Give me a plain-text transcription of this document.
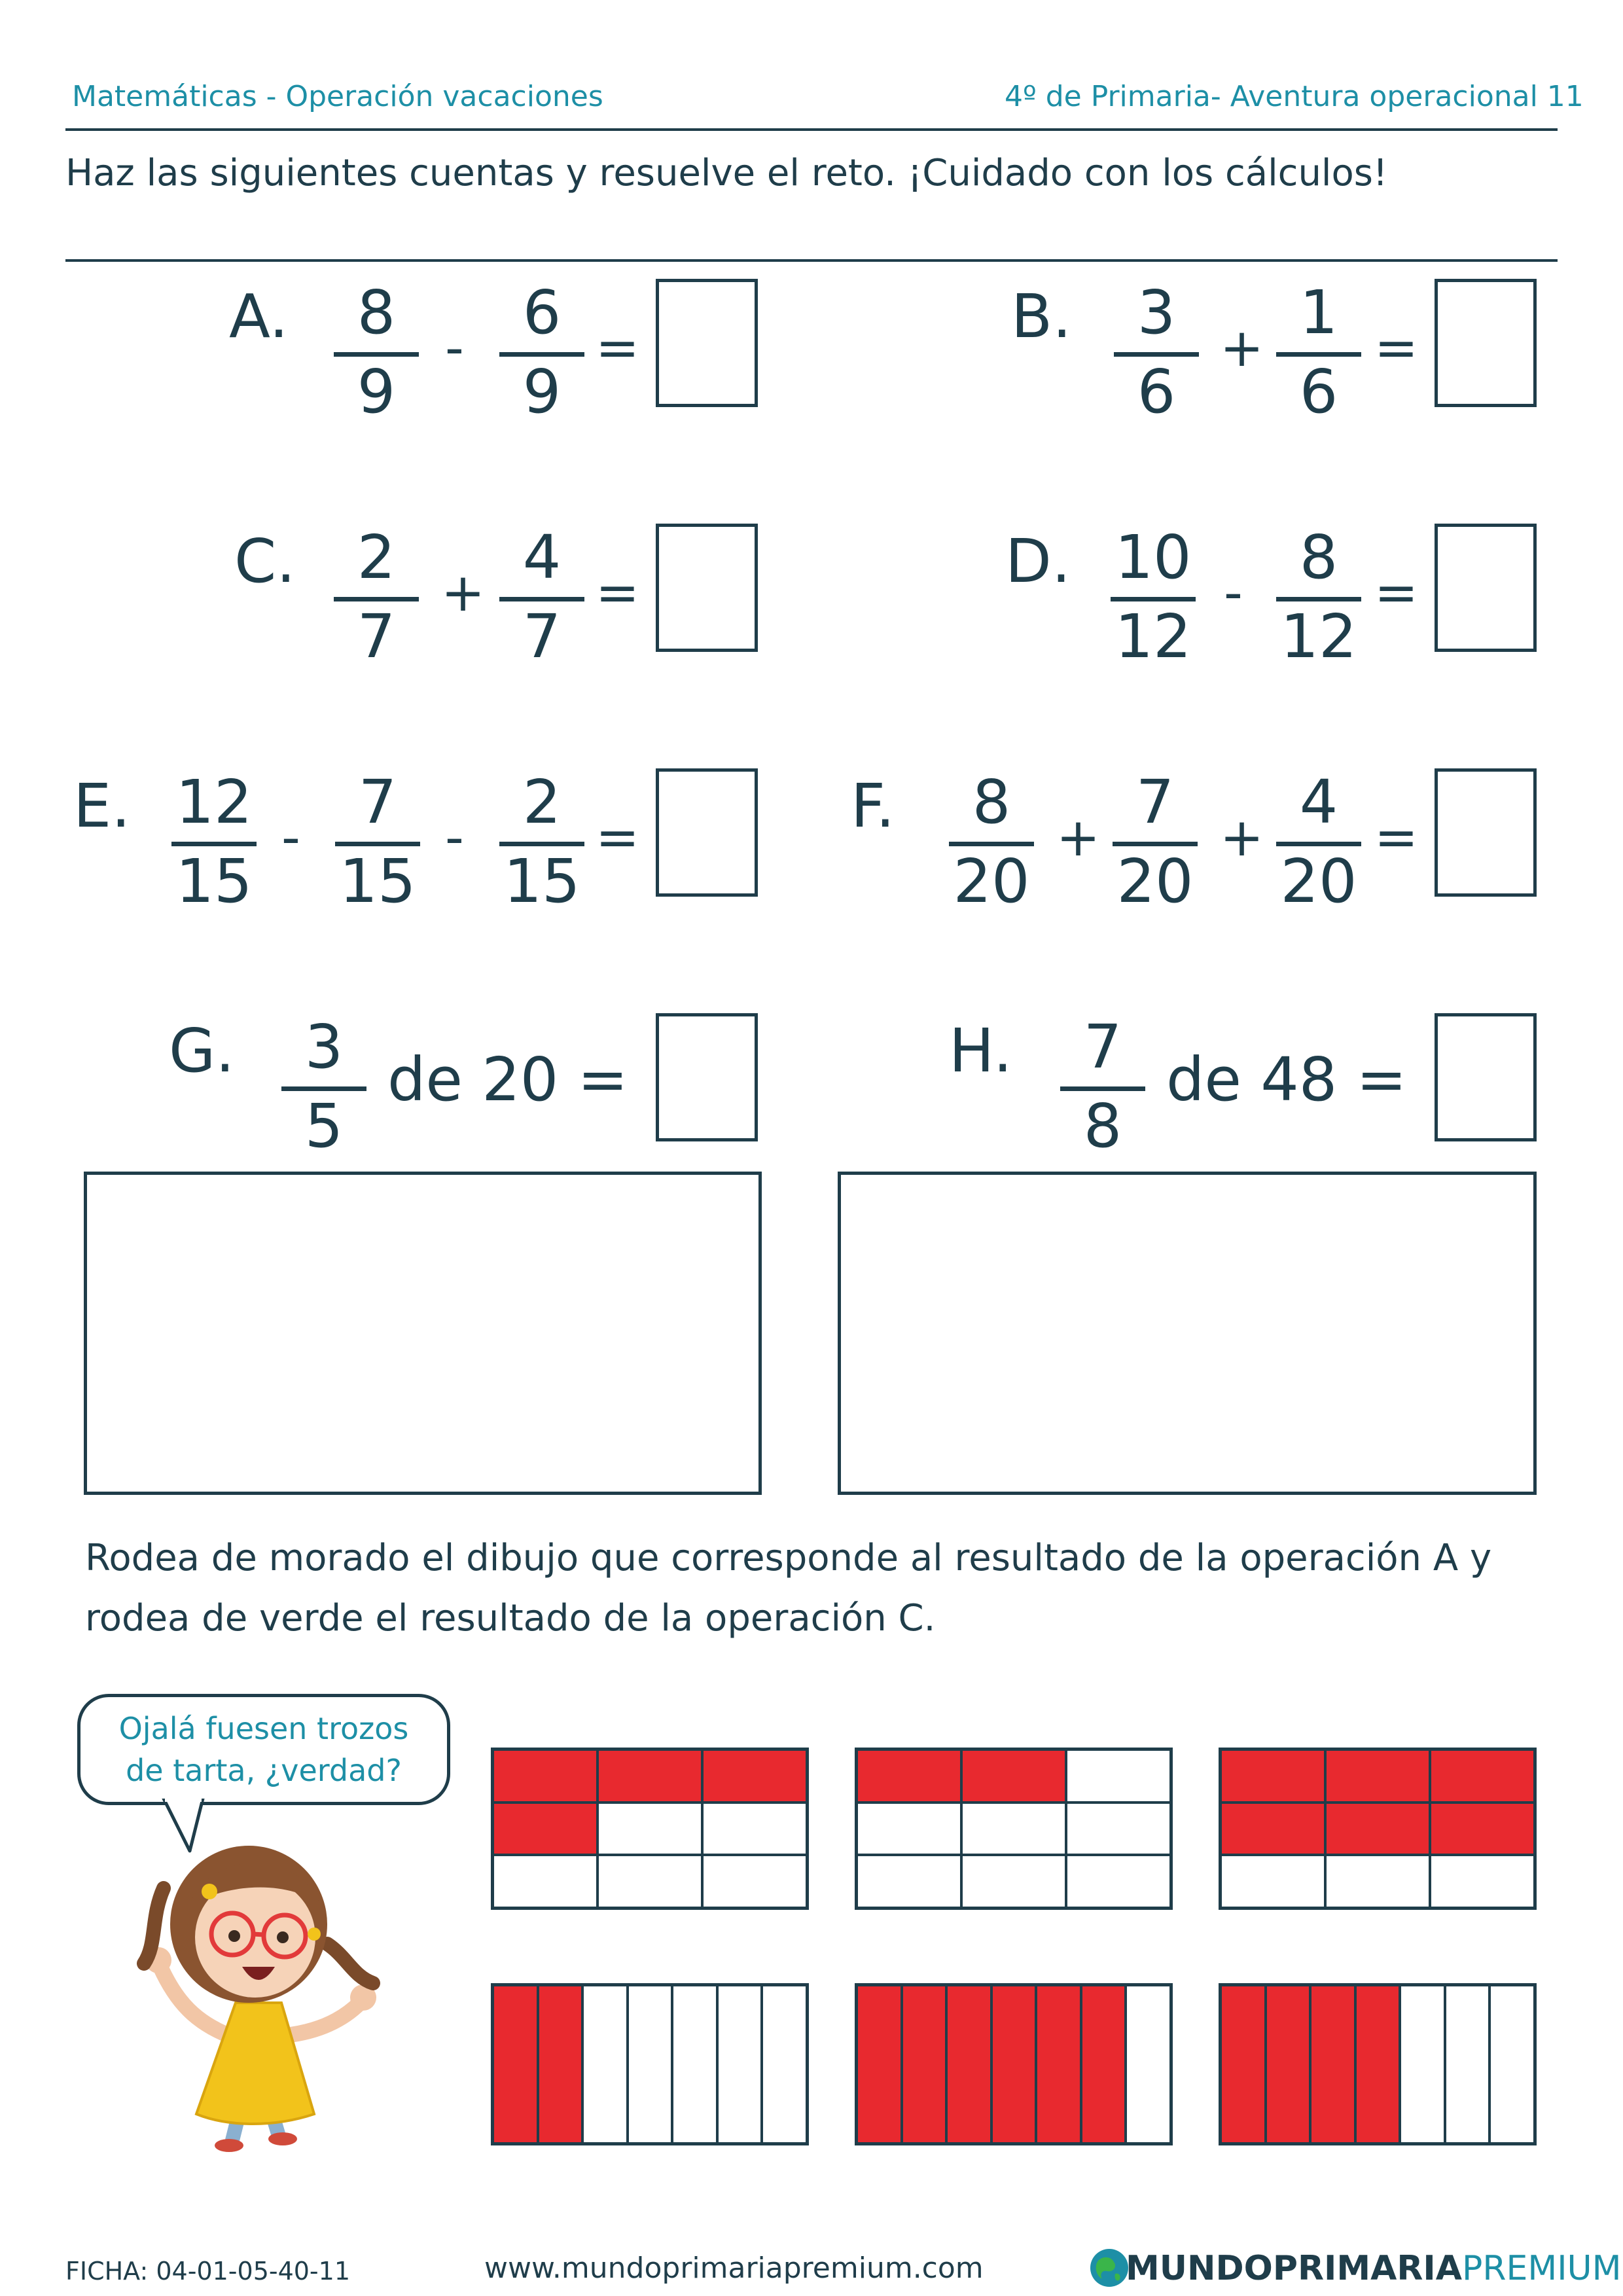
Matemáticas - Operación vacaciones	4º de Primaria- Aventura operacional 11
Haz las siguientes cuentas y resuelve el reto. ¡Cuidado con los cálculos!
A.	8
9
-
6
9
=	B.	3
6
+
1
6
=
C.	2
7
+
4
7
=	D. 10
12
-
8
12
=
E. 12
15
-
7
15
-
2
15
=	F.	8
20
+
7
20
+
4
20
=
G.	3
5
de 20 =	H.	7
8
de 48 =
Rodea de morado el dibujo que corresponde al resultado de la operación A y
rodea de verde el resultado de la operación C.
Ojalá fuesen trozos
de tarta, ¿verdad?
FICHA: 04-01-05-40-11	www.mundoprimariapremium.com	MUNDOPRIMARIAPREMIUM
